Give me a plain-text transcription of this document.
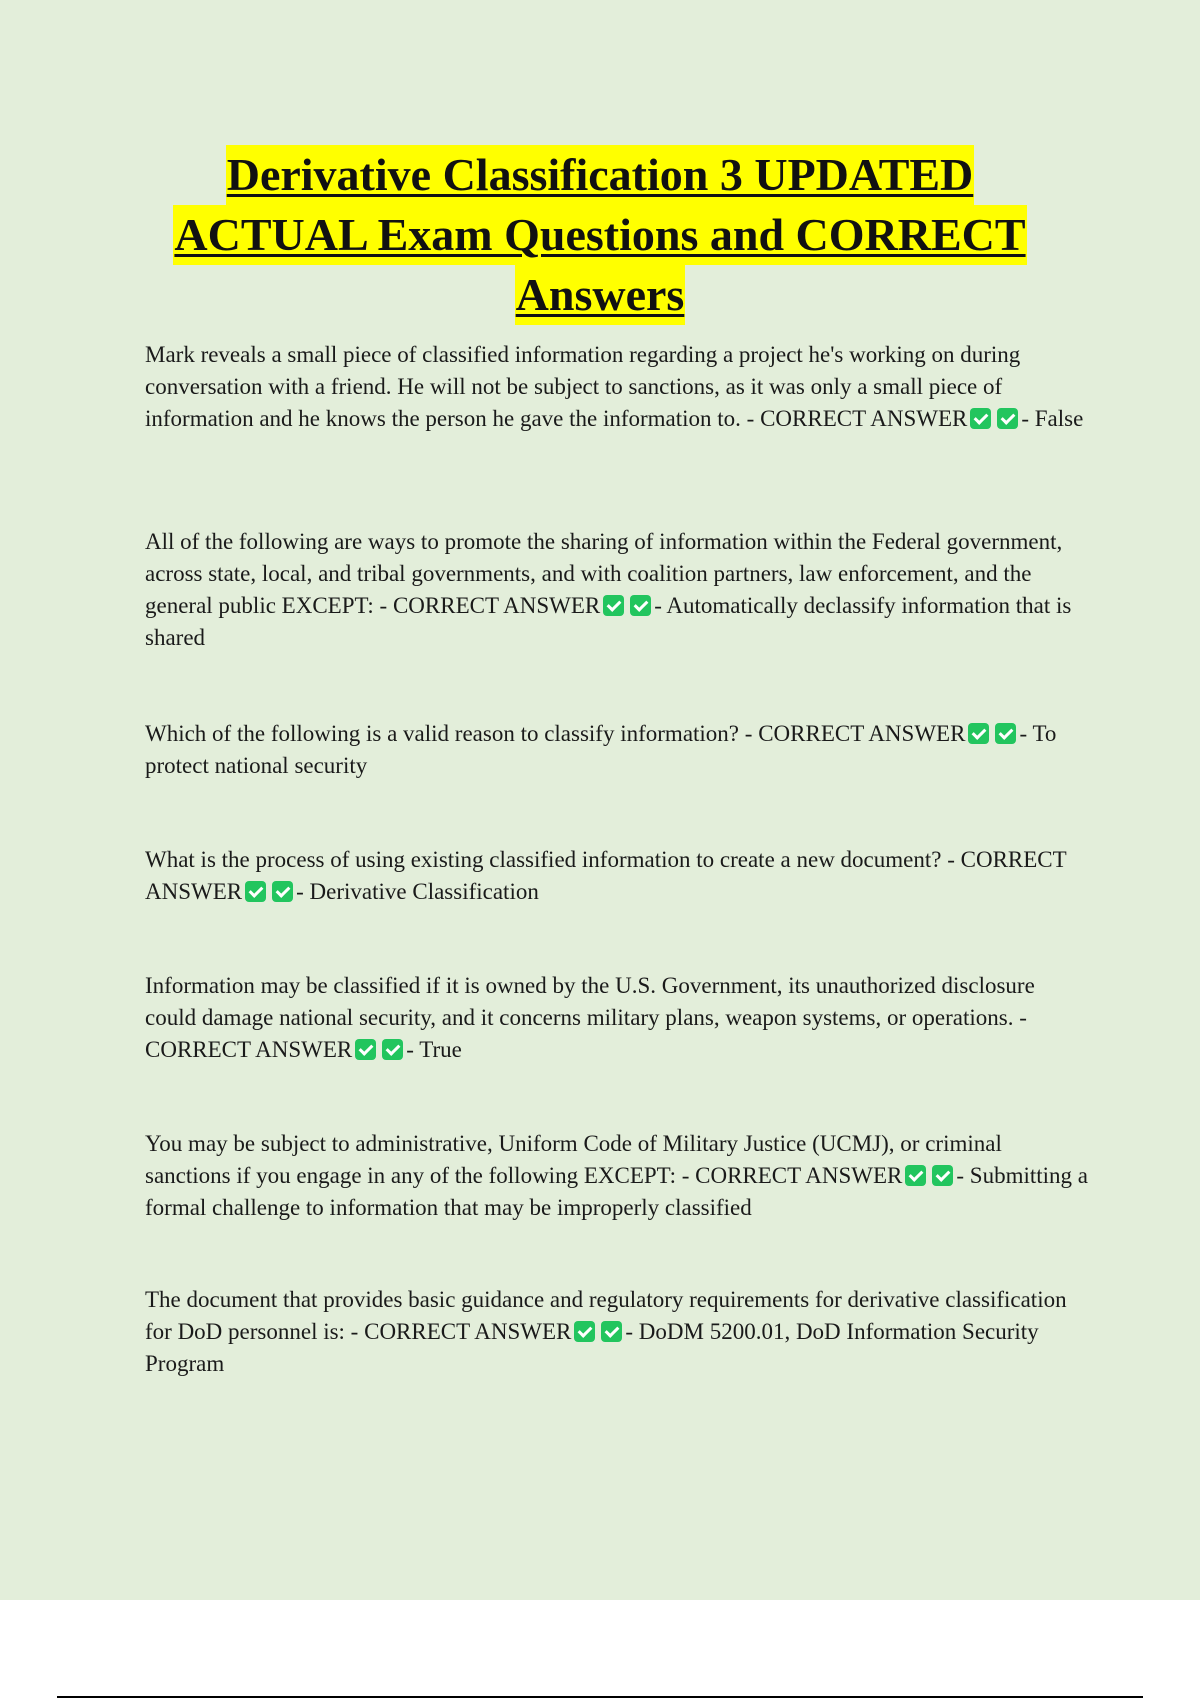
Derivative Classification 3 UPDATED
ACTUAL Exam Questions and CORRECT
Answers

Mark reveals a small piece of classified information regarding a project he's working on during conversation with a friend. He will not be subject to sanctions, as it was only a small piece of information and he knows the person he gave the information to. - CORRECT ANSWER - False

All of the following are ways to promote the sharing of information within the Federal government, across state, local, and tribal governments, and with coalition partners, law enforcement, and the general public EXCEPT: - CORRECT ANSWER - Automatically declassify information that is shared

Which of the following is a valid reason to classify information? - CORRECT ANSWER - To protect national security

What is the process of using existing classified information to create a new document? - CORRECT ANSWER - Derivative Classification

Information may be classified if it is owned by the U.S. Government, its unauthorized disclosure could damage national security, and it concerns military plans, weapon systems, or operations. - CORRECT ANSWER - True

You may be subject to administrative, Uniform Code of Military Justice (UCMJ), or criminal sanctions if you engage in any of the following EXCEPT: - CORRECT ANSWER - Submitting a formal challenge to information that may be improperly classified

The document that provides basic guidance and regulatory requirements for derivative classification for DoD personnel is: - CORRECT ANSWER - DoDM 5200.01, DoD Information Security Program
